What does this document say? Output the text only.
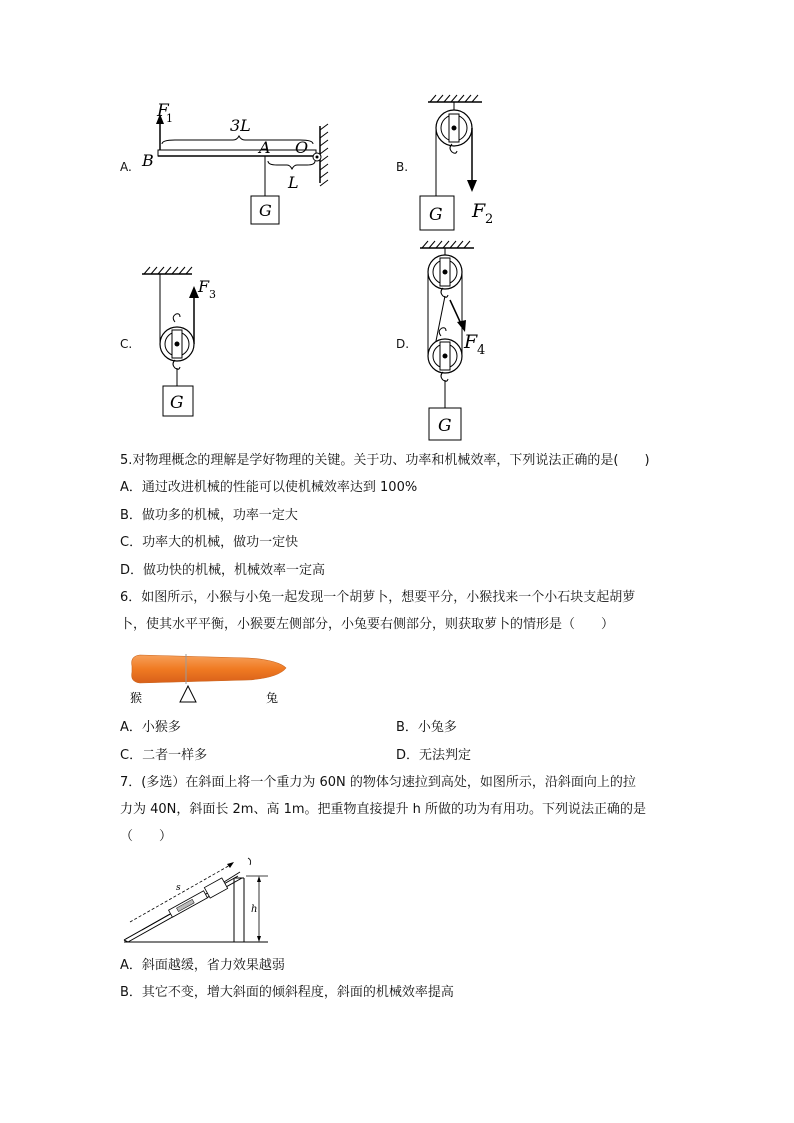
A.
F
1	3L
B
A O
L
G
B.
G F 2
C.
G
F 3
D.
G
F 4
5.对物理概念的理解是学好物理的关键。关于功、功率和机械效率，下列说法正确的是(　　)
A．通过改进机械的性能可以使机械效率达到 100%
B．做功多的机械，功率一定大
C．功率大的机械，做功一定快
D．做功快的机械，机械效率一定高
6．如图所示，小猴与小兔一起发现一个胡萝卜，想要平分，小猴找来一个小石块支起胡萝
卜，使其水平平衡，小猴要左侧部分，小兔要右侧部分，则获取萝卜的情形是（　　）
猴	兔
A．小猴多	B．小兔多
C．二者一样多	D．无法判定
7．(多选）在斜面上将一个重力为 60N 的物体匀速拉到高处，如图所示，沿斜面向上的拉
力为 40N，斜面长 2m、高 1m。把重物直接提升 h 所做的功为有用功。下列说法正确的是
（　　）
h
s
A．斜面越缓，省力效果越弱
B．其它不变，增大斜面的倾斜程度，斜面的机械效率提高
